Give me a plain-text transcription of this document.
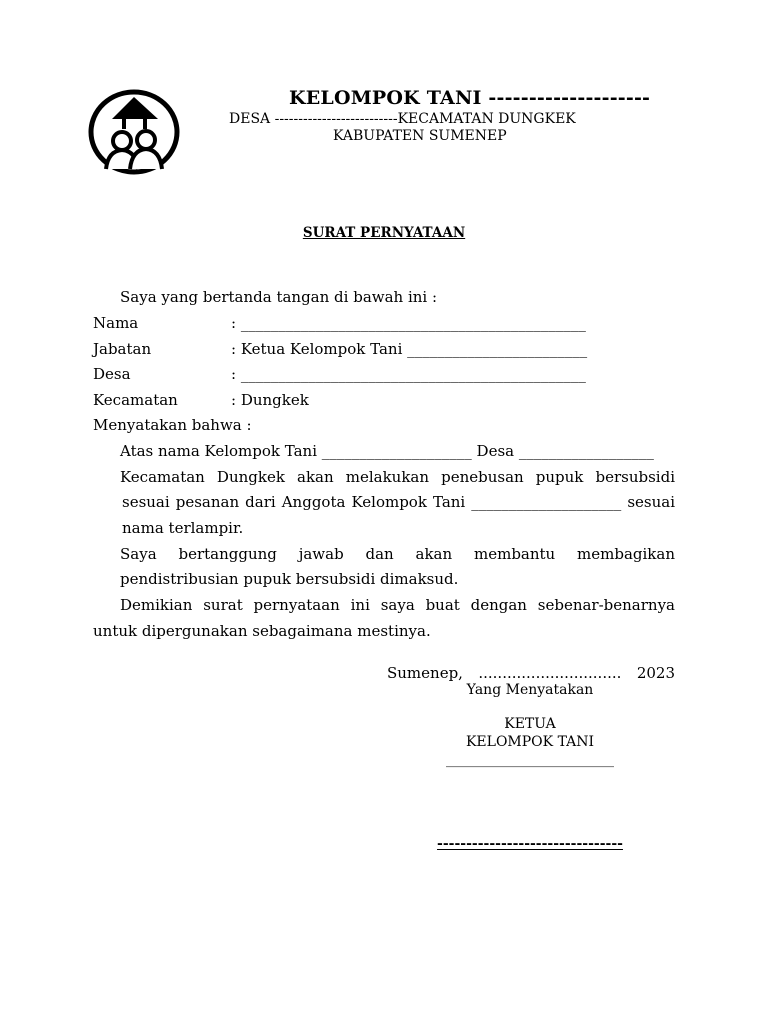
KELOMPOK TANI --------------------
DESA --------------------------KECAMATAN DUNGKEK
KABUPATEN SUMENEP
SURAT PERNYATAAN
Saya yang bertanda tangan di bawah ini :
Nama	: ______________________________________________
Jabatan	: Ketua Kelompok Tani ________________________
Desa	: ______________________________________________
Kecamatan	: Dungkek
Menyatakan bahwa :
Atas nama Kelompok Tani ____________________ Desa __________________
Kecamatan Dungkek akan melakukan penebusan pupuk bersubsidi
sesuai pesanan dari Anggota Kelompok Tani ____________________ sesuai
nama terlampir.
Saya bertanggung jawab dan akan membantu membagikan
pendistribusian pupuk bersubsidi dimaksud.
Demikian surat pernyataan ini saya buat dengan sebenar-benarnya
untuk dipergunakan sebagaimana mestinya.
Sumenep, .............................. 2023
Yang Menyatakan
KETUA
KELOMPOK TANI
________________________
--------------------------------
